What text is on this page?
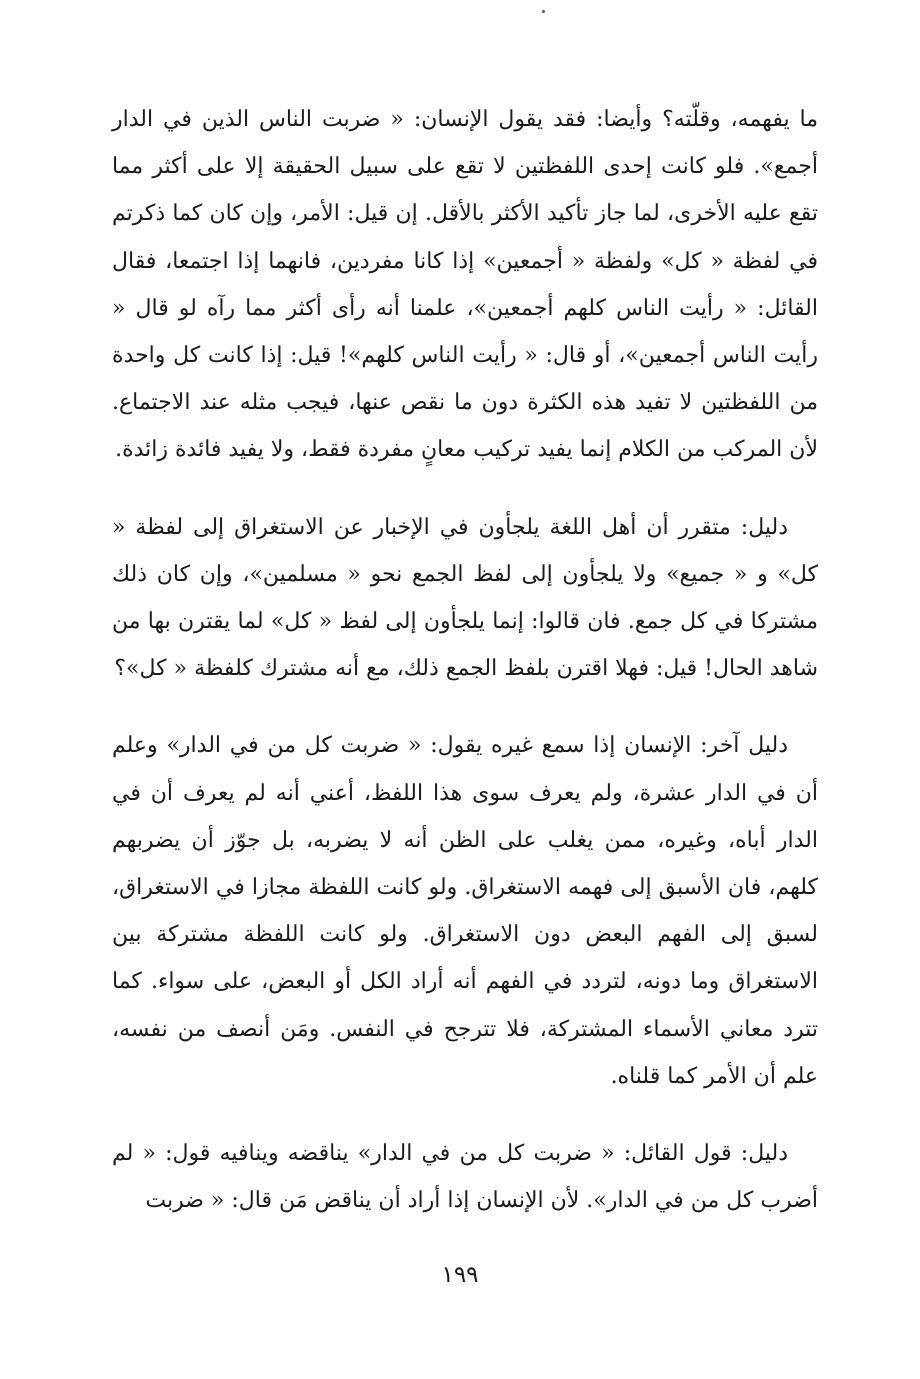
ما يفهمه، وقلّته؟ وأيضا: فقد يقول الإنسان: « ضربت الناس الذين في الدار أجمع». فلو كانت إحدى اللفظتين لا تقع على سبيل الحقيقة إلا على أكثر مما تقع عليه الأخرى، لما جاز تأكيد الأكثر بالأقل. إن قيل: الأمر، وإن كان كما ذكرتم في لفظة « كل» ولفظة « أجمعين» إذا كانا مفردين، فانهما إذا اجتمعا، فقال القائل: « رأيت الناس كلهم أجمعين»، علمنا أنه رأى أكثر مما رآه لو قال « رأيت الناس أجمعين»، أو قال: « رأيت الناس كلهم»! قيل: إذا كانت كل واحدة من اللفظتين لا تفيد هذه الكثرة دون ما نقص عنها، فيجب مثله عند الاجتماع. لأن المركب من الكلام إنما يفيد تركيب معانٍ مفردة فقط، ولا يفيد فائدة زائدة.

دليل: متقرر أن أهل اللغة يلجأون في الإخبار عن الاستغراق إلى لفظة « كل» و « جميع» ولا يلجأون إلى لفظ الجمع نحو « مسلمين»، وإن كان ذلك مشتركا في كل جمع. فان قالوا: إنما يلجأون إلى لفظ « كل» لما يقترن بها من شاهد الحال! قيل: فهلا اقترن بلفظ الجمع ذلك، مع أنه مشترك كلفظة « كل»؟

دليل آخر: الإنسان إذا سمع غيره يقول: « ضربت كل من في الدار» وعلم أن في الدار عشرة، ولم يعرف سوى هذا اللفظ، أعني أنه لم يعرف أن في الدار أباه، وغيره، ممن يغلب على الظن أنه لا يضربه، بل جوّز أن يضربهم كلهم، فان الأسبق إلى فهمه الاستغراق. ولو كانت اللفظة مجازا في الاستغراق، لسبق إلى الفهم البعض دون الاستغراق. ولو كانت اللفظة مشتركة بين الاستغراق وما دونه، لتردد في الفهم أنه أراد الكل أو البعض، على سواء. كما تترد معاني الأسماء المشتركة، فلا تترجح في النفس. ومَن أنصف من نفسه، علم أن الأمر كما قلناه.

دليل: قول القائل: « ضربت كل من في الدار» يناقضه وينافيه قول: « لم أضرب كل من في الدار». لأن الإنسان إذا أراد أن يناقض مَن قال: « ضربت

١٩٩
